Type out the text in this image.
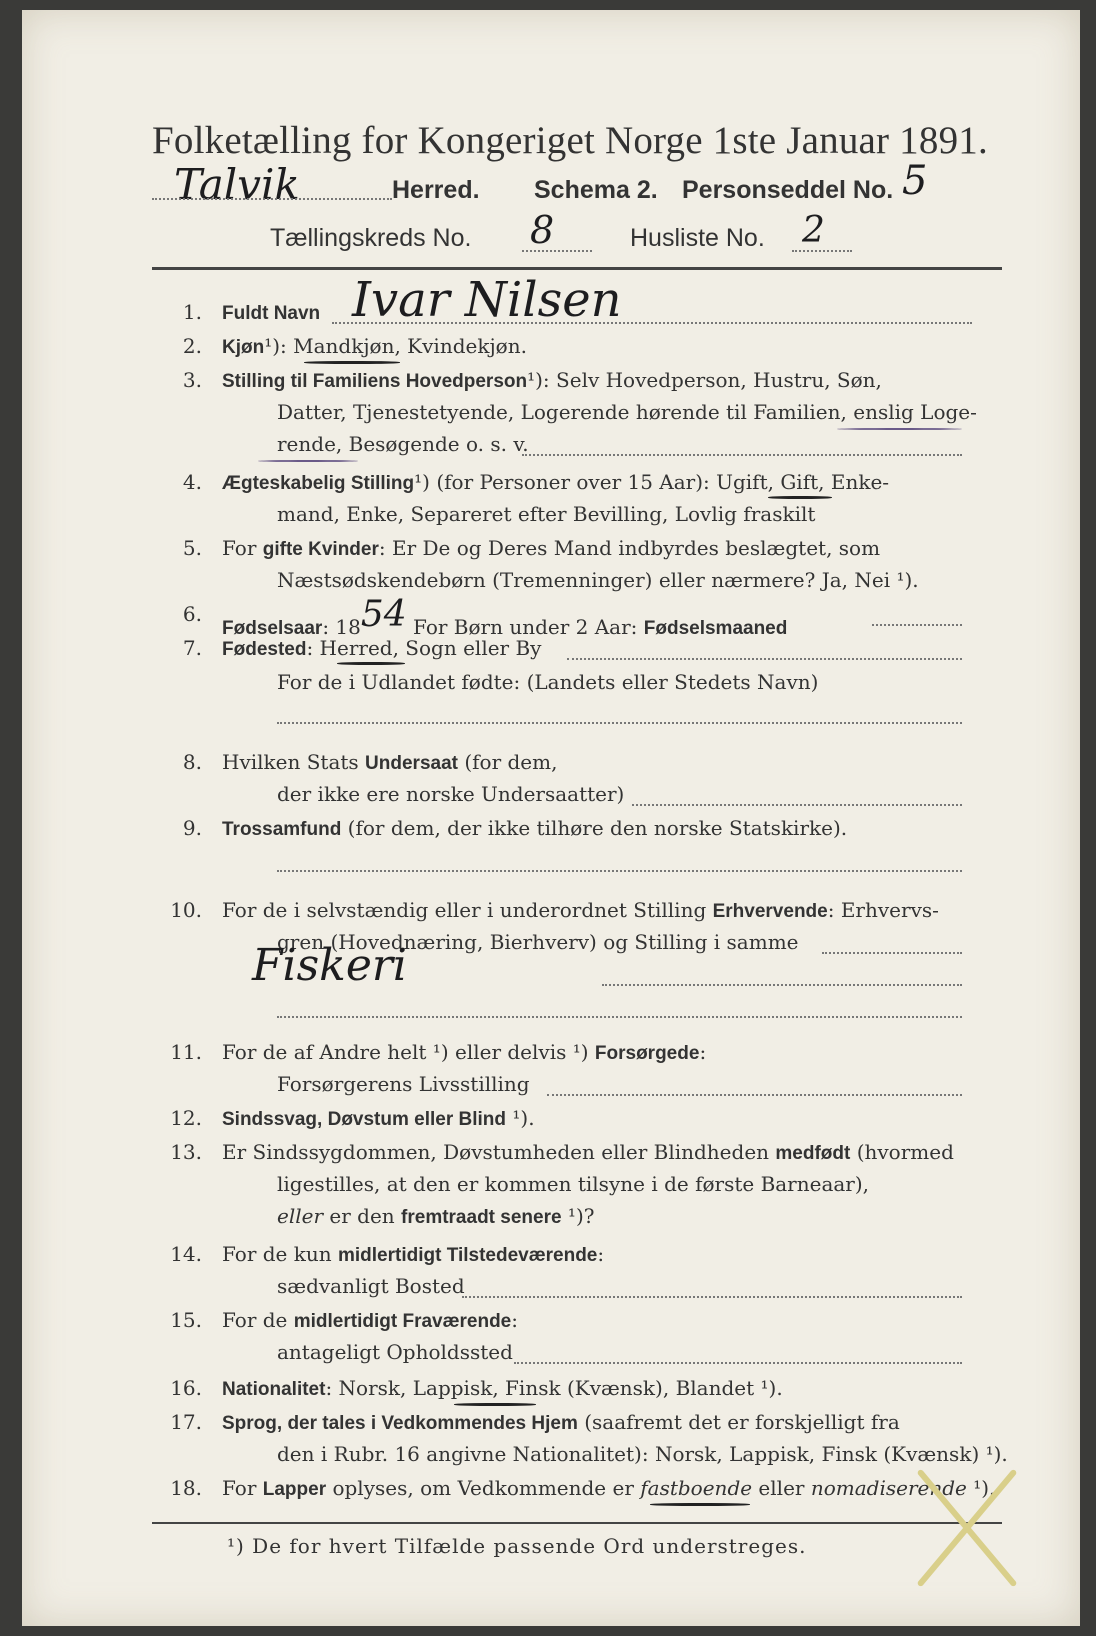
Folketælling for Kongeriget Norge 1ste Januar 1891.
Talvik	Herred. Schema 2. Personseddel No. 5
Tællingskreds No. 8	Husliste No. 2
1. Fuldt Navn Ivar Nilsen
2. Kjøn¹): Mandkjøn, Kvindekjøn.
3. Stilling til Familiens Hovedperson¹): Selv Hovedperson, Hustru, Søn,
Datter, Tjenestetyende, Logerende hørende til Familien, enslig Loge-
rende, Besøgende o. s. v.
4. Ægteskabelig Stilling¹) (for Personer over 15 Aar): Ugift, Gift, Enke-
mand, Enke, Separeret efter Bevilling, Lovlig fraskilt
5. For gifte Kvinder: Er De og Deres Mand indbyrdes beslægtet, som
Næstsødskendebørn (Tremenninger) eller nærmere? Ja, Nei ¹).
6.
Fødselsaar: 1854 For Børn under 2 Aar: Fødselsmaaned
7. Fødested: Herred, Sogn eller By
For de i Udlandet fødte: (Landets eller Stedets Navn)
8. Hvilken Stats Undersaat (for dem,
der ikke ere norske Undersaatter)
9. Trossamfund (for dem, der ikke tilhøre den norske Statskirke).
10. For de i selvstændig eller i underordnet Stilling Erhvervende: Erhvervs-
gren (Hovednæring, Bierhverv) og Stilling i samme
Fiskeri
11. For de af Andre helt ¹) eller delvis ¹) Forsørgede:
Forsørgerens Livsstilling
12. Sindssvag, Døvstum eller Blind ¹).
13. Er Sindssygdommen, Døvstumheden eller Blindheden medfødt (hvormed
ligestilles, at den er kommen tilsyne i de første Barneaar),
eller er den fremtraadt senere ¹)?
14. For de kun midlertidigt Tilstedeværende:
sædvanligt Bosted
15. For de midlertidigt Fraværende:
antageligt Opholdssted
16. Nationalitet: Norsk, Lappisk, Finsk (Kvænsk), Blandet ¹).
17. Sprog, der tales i Vedkommendes Hjem (saafremt det er forskjelligt fra
den i Rubr. 16 angivne Nationalitet): Norsk, Lappisk, Finsk (Kvænsk) ¹).
18. For Lapper oplyses, om Vedkommende er fastboende eller nomadiserende ¹).
¹) De for hvert Tilfælde passende Ord understreges.
